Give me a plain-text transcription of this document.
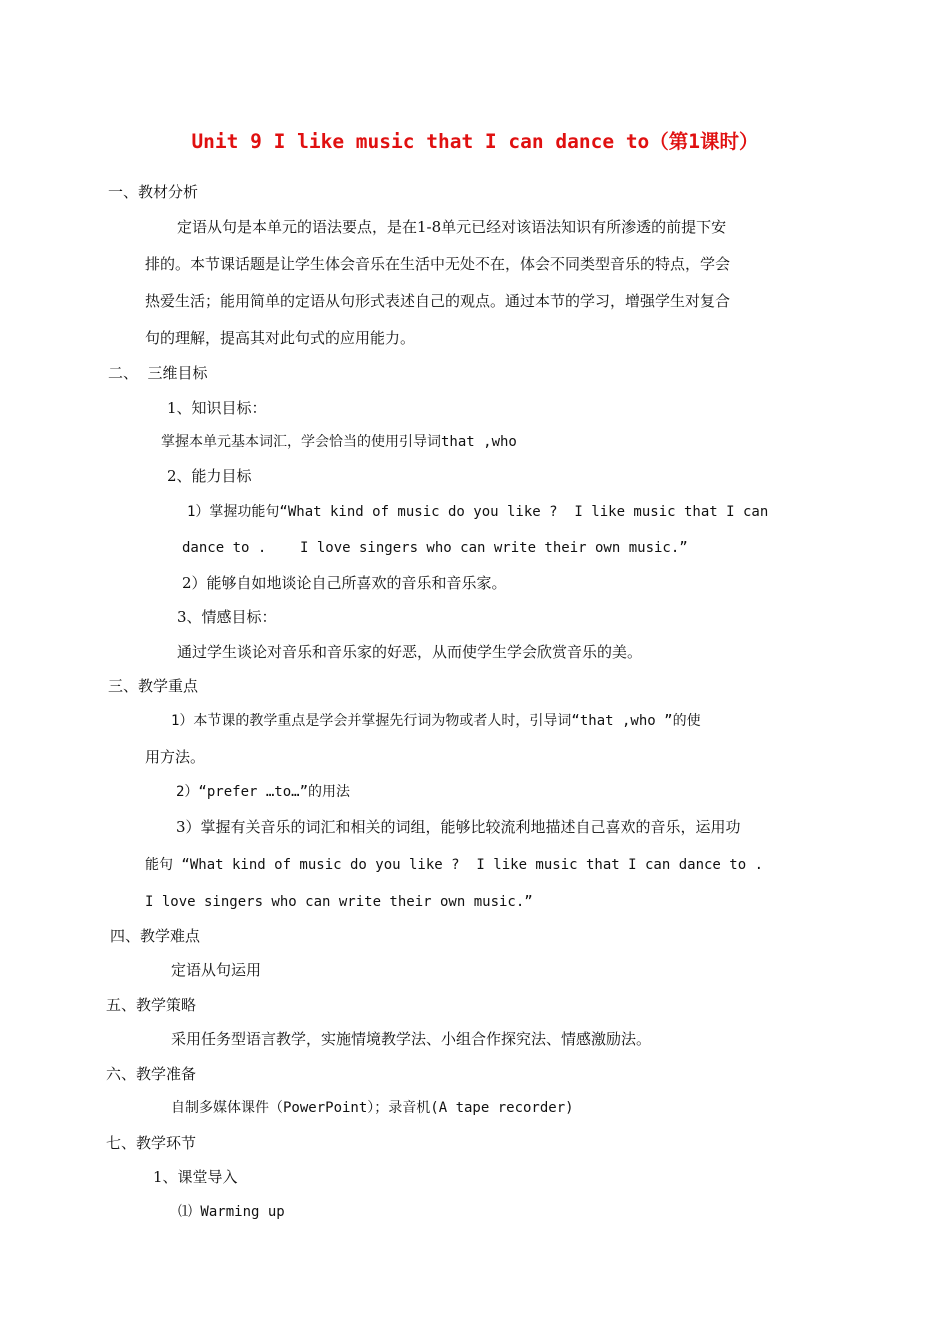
Unit 9 I like music that I can dance to（第1课时）
一、教材分析
定语从句是本单元的语法要点，是在1-8单元已经对该语法知识有所渗透的前提下安
排的。本节课话题是让学生体会音乐在生活中无处不在，体会不同类型音乐的特点，学会
热爱生活；能用简单的定语从句形式表述自己的观点。通过本节的学习，增强学生对复合
句的理解，提高其对此句式的应用能力。
二、  三维目标
1、知识目标：
掌握本单元基本词汇，学会恰当的使用引导词that ,who
2、能力目标
1）掌握功能句“What kind of music do you like ?  I like music that I can
dance to .    I love singers who can write their own music.”
2）能够自如地谈论自己所喜欢的音乐和音乐家。
3、情感目标：
通过学生谈论对音乐和音乐家的好恶，从而使学生学会欣赏音乐的美。
三、教学重点
1）本节课的教学重点是学会并掌握先行词为物或者人时，引导词“that ,who ”的使
用方法。
2）“prefer …to…”的用法
3）掌握有关音乐的词汇和相关的词组，能够比较流利地描述自己喜欢的音乐，运用功
能句 “What kind of music do you like ?  I like music that I can dance to .
I love singers who can write their own music.”
四、教学难点
定语从句运用
五、教学策略
采用任务型语言教学，实施情境教学法、小组合作探究法、情感激励法。
六、教学准备
自制多媒体课件（PowerPoint）；录音机(A tape recorder)
七、教学环节
1、课堂导入
⑴ Warming up
